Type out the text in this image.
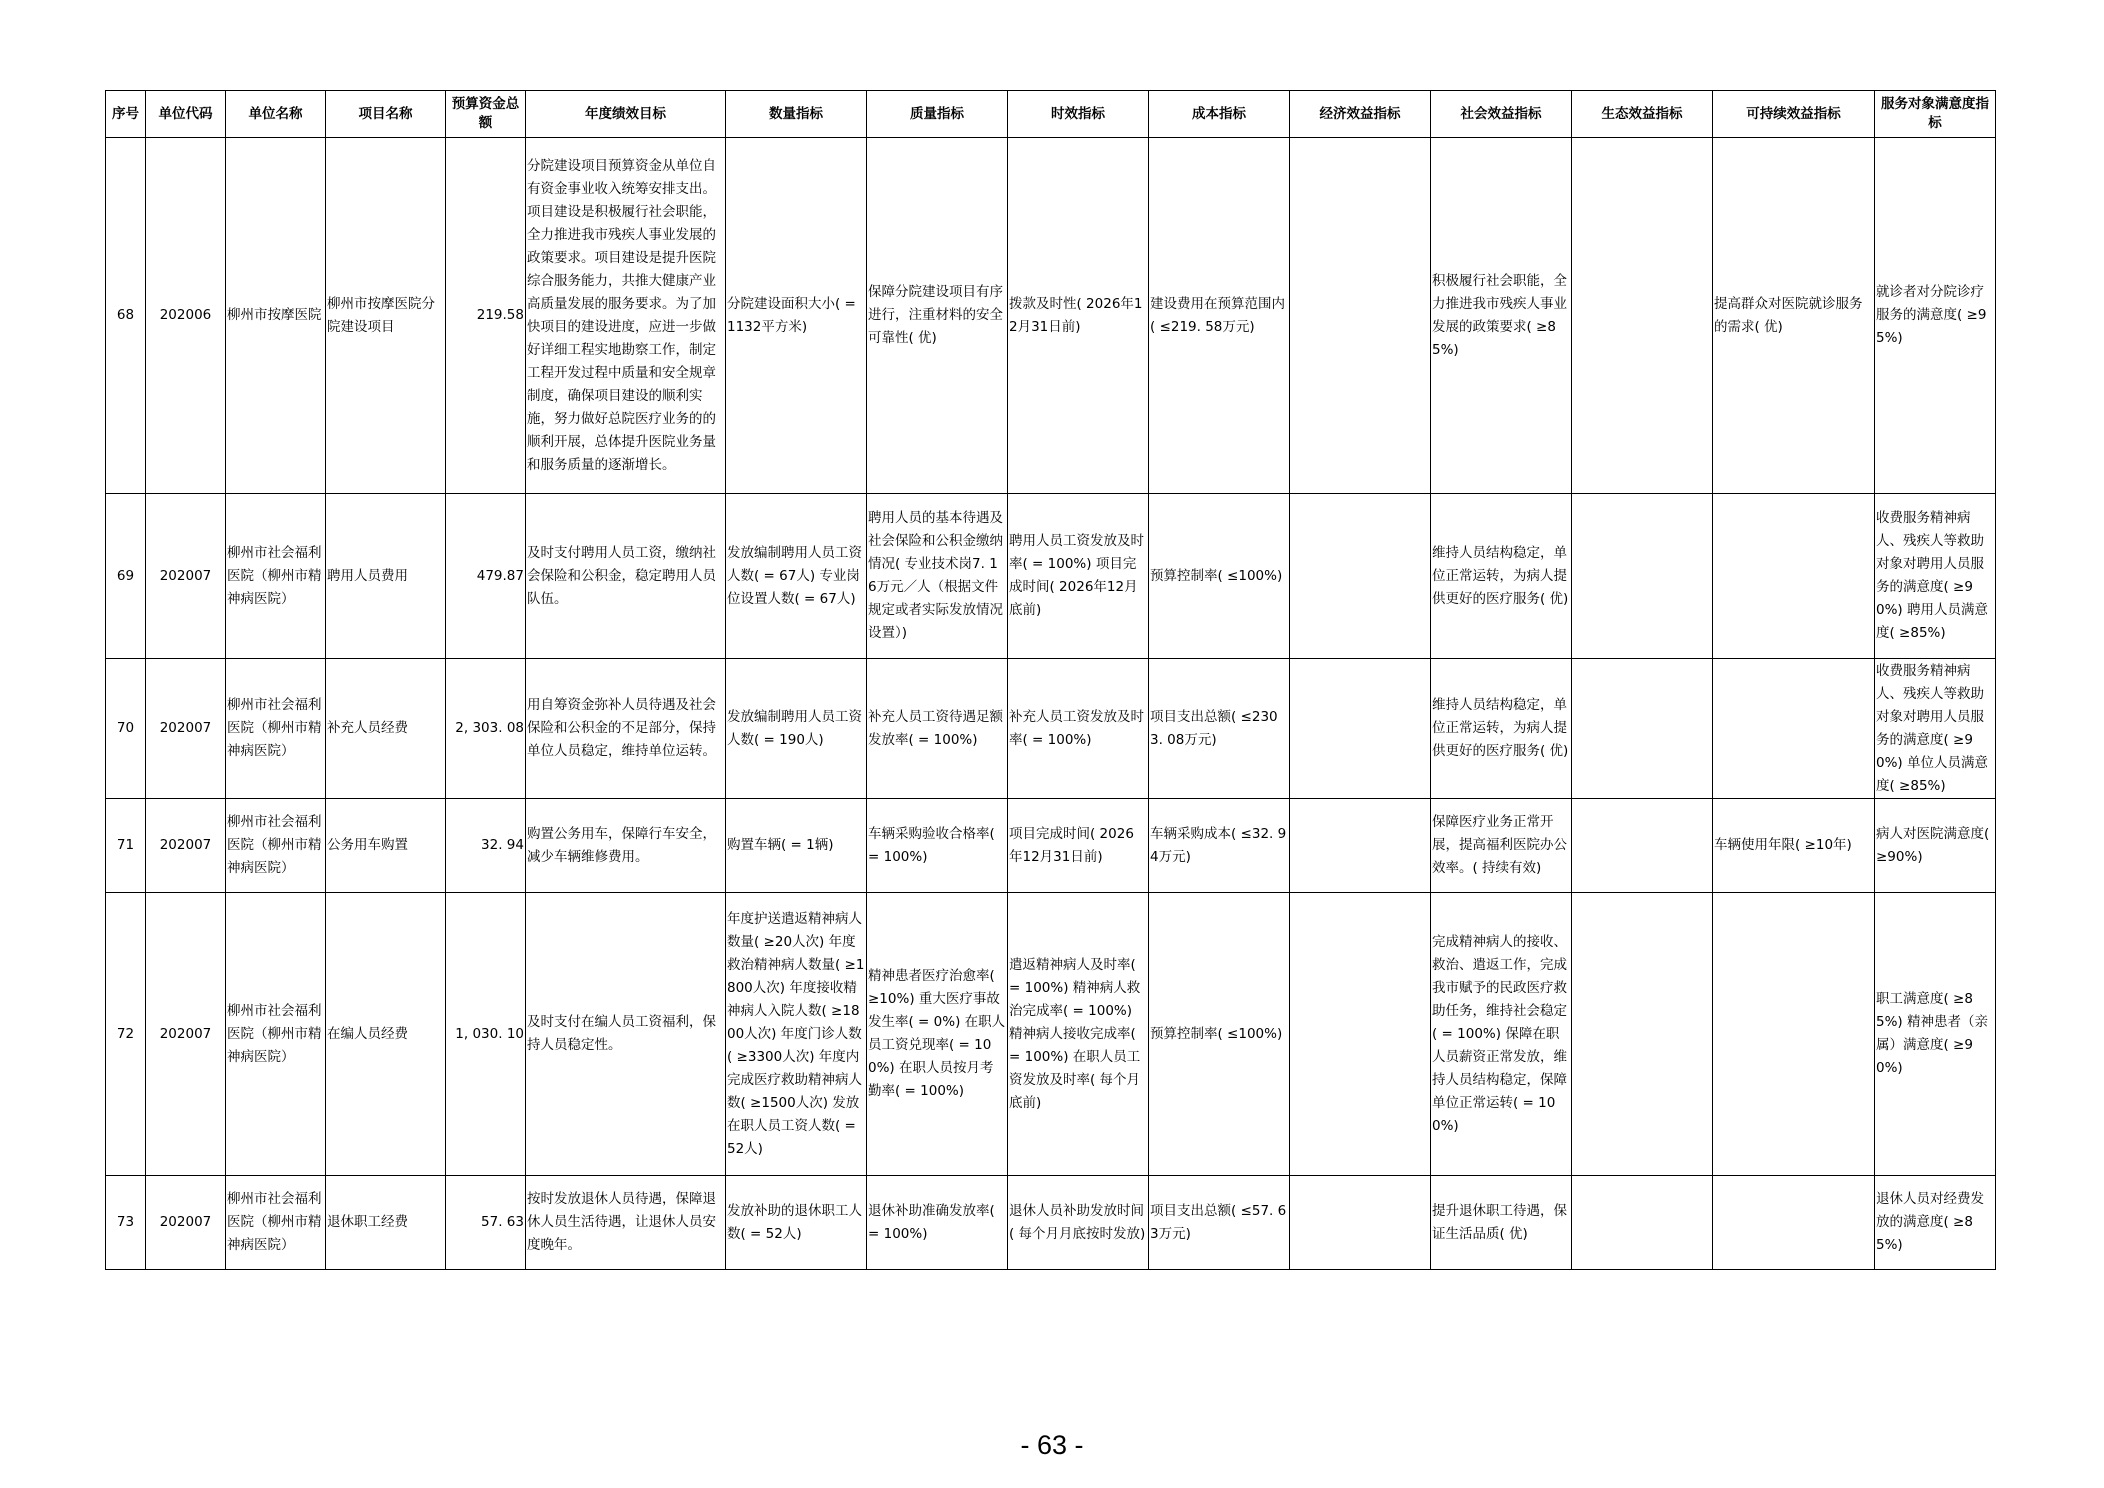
序号	单位代码	单位名称	项目名称	预算资金总额	年度绩效目标	数量指标	质量指标	时效指标	成本指标	经济效益指标	社会效益指标	生态效益指标	可持续效益指标	服务对象满意度指标
68	202006	柳州市按摩医院	柳州市按摩医院分院建设项目	219.58	分院建设项目预算资金从单位自有资金事业收入统筹安排支出。项目建设是积极履行社会职能，全力推进我市残疾人事业发展的政策要求。项目建设是提升医院综合服务能力，共推大健康产业高质量发展的服务要求。为了加快项目的建设进度，应进一步做好详细工程实地勘察工作，制定工程开发过程中质量和安全规章制度，确保项目建设的顺利实施，努力做好总院医疗业务的的顺利开展，总体提升医院业务量和服务质量的逐渐增长。	分院建设面积大小( = 1132平方米)	保障分院建设项目有序进行，注重材料的安全可靠性( 优)	拨款及时性( 2026年12月31日前)	建设费用在预算范围内( ≤219. 58万元)		积极履行社会职能，全力推进我市残疾人事业发展的政策要求( ≥85%)		提高群众对医院就诊服务的需求( 优)	就诊者对分院诊疗服务的满意度( ≥95%)
69	202007	柳州市社会福利医院（柳州市精神病医院）	聘用人员费用	479.87	及时支付聘用人员工资，缴纳社会保险和公积金，稳定聘用人员队伍。	发放编制聘用人员工资人数( = 67人) 专业岗位设置人数( = 67人)	聘用人员的基本待遇及社会保险和公积金缴纳情况( 专业技术岗7. 16万元／人（根据文件规定或者实际发放情况设置）)	聘用人员工资发放及时率( = 100%) 项目完成时间( 2026年12月底前)	预算控制率( ≤100%)		维持人员结构稳定，单位正常运转，为病人提供更好的医疗服务( 优)			收费服务精神病人、残疾人等救助对象对聘用人员服务的满意度( ≥90%) 聘用人员满意度( ≥85%)
70	202007	柳州市社会福利医院（柳州市精神病医院）	补充人员经费	2, 303. 08	用自筹资金弥补人员待遇及社会保险和公积金的不足部分，保持单位人员稳定，维持单位运转。	发放编制聘用人员工资人数( = 190人)	补充人员工资待遇足额发放率( = 100%)	补充人员工资发放及时率( = 100%)	项目支出总额( ≤2303. 08万元)		维持人员结构稳定，单位正常运转，为病人提供更好的医疗服务( 优)			收费服务精神病人、残疾人等救助对象对聘用人员服务的满意度( ≥90%) 单位人员满意度( ≥85%)
71	202007	柳州市社会福利医院（柳州市精神病医院）	公务用车购置	32. 94	购置公务用车，保障行车安全，减少车辆维修费用。	购置车辆( = 1辆)	车辆采购验收合格率( = 100%)	项目完成时间( 2026年12月31日前)	车辆采购成本( ≤32. 94万元)		保障医疗业务正常开展，提高福利医院办公效率。( 持续有效)		车辆使用年限( ≥10年)	病人对医院满意度( ≥90%)
72	202007	柳州市社会福利医院（柳州市精神病医院）	在编人员经费	1, 030. 10	及时支付在编人员工资福利，保持人员稳定性。	年度护送遣返精神病人数量( ≥20人次) 年度救治精神病人数量( ≥1800人次) 年度接收精神病人入院人数( ≥1800人次) 年度门诊人数( ≥3300人次) 年度内完成医疗救助精神病人数( ≥1500人次) 发放在职人员工资人数( = 52人)	精神患者医疗治愈率( ≥10%) 重大医疗事故发生率( = 0%) 在职人员工资兑现率( = 100%) 在职人员按月考勤率( = 100%)	遣返精神病人及时率( = 100%) 精神病人救治完成率( = 100%) 精神病人接收完成率( = 100%) 在职人员工资发放及时率( 每个月底前)	预算控制率( ≤100%)		完成精神病人的接收、救治、遣返工作，完成我市赋予的民政医疗救助任务，维持社会稳定( = 100%) 保障在职人员薪资正常发放，维持人员结构稳定，保障单位正常运转( = 100%)			职工满意度( ≥85%) 精神患者（亲属）满意度( ≥90%)
73	202007	柳州市社会福利医院（柳州市精神病医院）	退休职工经费	57. 63	按时发放退休人员待遇，保障退休人员生活待遇，让退休人员安度晚年。	发放补助的退休职工人数( = 52人)	退休补助准确发放率( = 100%)	退休人员补助发放时间( 每个月月底按时发放)	项目支出总额( ≤57. 63万元)		提升退休职工待遇，保证生活品质( 优)			退休人员对经费发放的满意度( ≥85%)
- 63 -
